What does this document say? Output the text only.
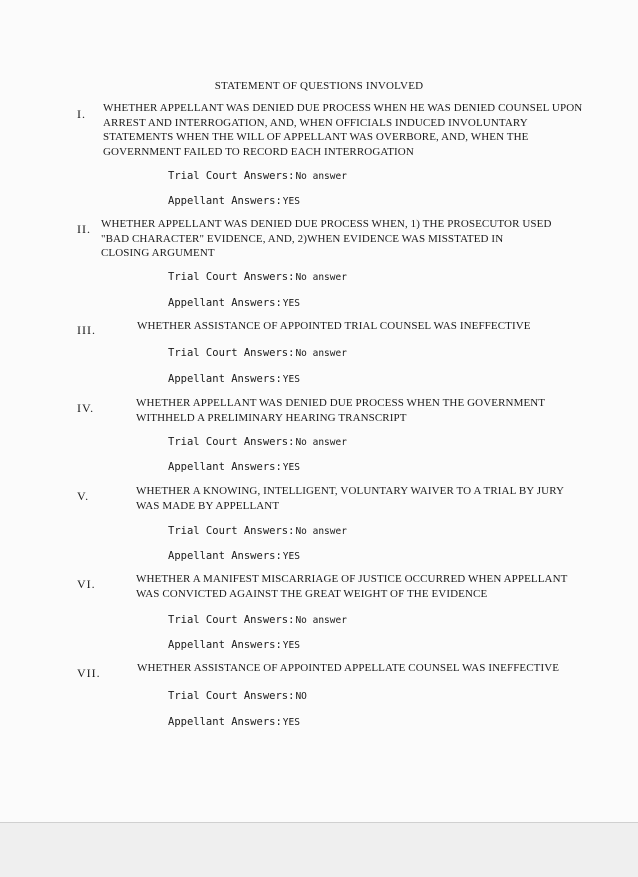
STATEMENT OF QUESTIONS INVOLVED
I. WHETHER APPELLANT WAS DENIED DUE PROCESS WHEN HE WAS DENIED COUNSEL UPON
ARREST AND INTERROGATION, AND, WHEN OFFICIALS INDUCED INVOLUNTARY
STATEMENTS WHEN THE WILL OF APPELLANT WAS OVERBORE, AND, WHEN THE
GOVERNMENT FAILED TO RECORD EACH INTERROGATION
Trial Court Answers:No answer
Appellant Answers:YES
II. WHETHER APPELLANT WAS DENIED DUE PROCESS WHEN, 1) THE PROSECUTOR USED
"BAD CHARACTER" EVIDENCE, AND, 2)WHEN EVIDENCE WAS MISSTATED IN
CLOSING ARGUMENT
Trial Court Answers:No answer
Appellant Answers:YES
III.	WHETHER ASSISTANCE OF APPOINTED TRIAL COUNSEL WAS INEFFECTIVE
Trial Court Answers:No answer
Appellant Answers:YES
IV.	WHETHER APPELLANT WAS DENIED DUE PROCESS WHEN THE GOVERNMENT
WITHHELD A PRELIMINARY HEARING TRANSCRIPT
Trial Court Answers:No answer
Appellant Answers:YES
V.	WHETHER A KNOWING, INTELLIGENT, VOLUNTARY WAIVER TO A TRIAL BY JURY
WAS MADE BY APPELLANT
Trial Court Answers:No answer
Appellant Answers:YES
VI.	WHETHER A MANIFEST MISCARRIAGE OF JUSTICE OCCURRED WHEN APPELLANT
WAS CONVICTED AGAINST THE GREAT WEIGHT OF THE EVIDENCE
Trial Court Answers:No answer
Appellant Answers:YES
VII.	WHETHER ASSISTANCE OF APPOINTED APPELLATE COUNSEL WAS INEFFECTIVE
Trial Court Answers:NO
Appellant Answers:YES
